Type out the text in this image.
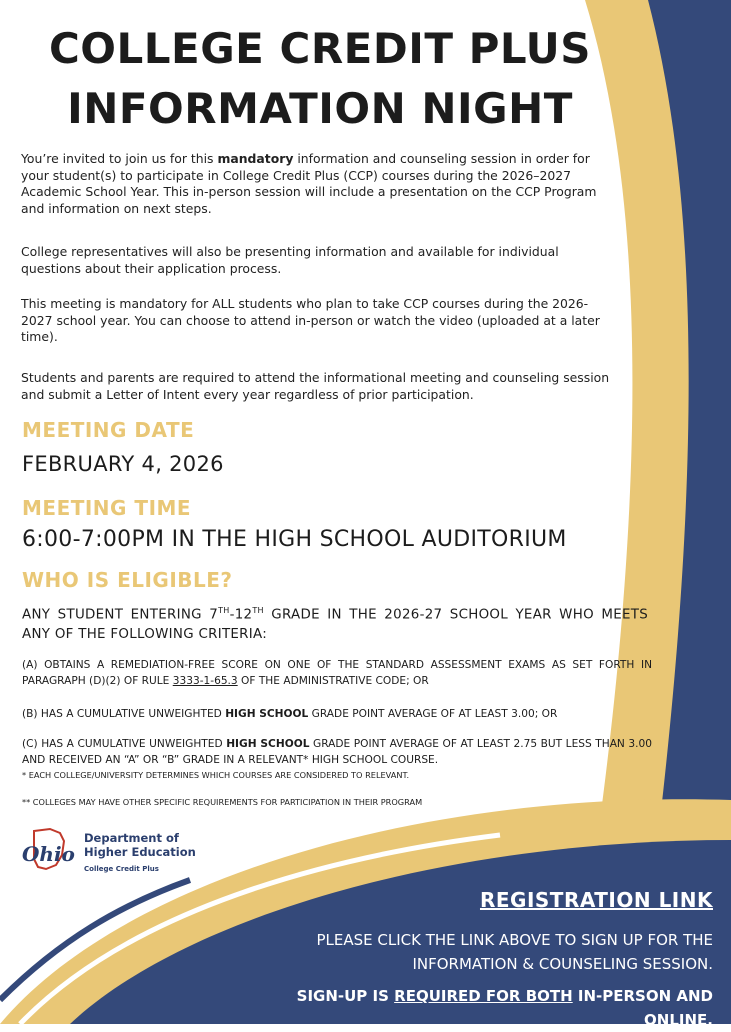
COLLEGE CREDIT PLUS
INFORMATION NIGHT

You’re invited to join us for this mandatory information and counseling session in order for your student(s) to participate in College Credit Plus (CCP) courses during the 2026–2027 Academic School Year. This in-person session will include a presentation on the CCP Program and information on next steps.

College representatives will also be presenting information and available for individual questions about their application process.

This meeting is mandatory for ALL students who plan to take CCP courses during the 2026-2027 school year. You can choose to attend in-person or watch the video (uploaded at a later time).

Students and parents are required to attend the informational meeting and counseling session and submit a Letter of Intent every year regardless of prior participation.

MEETING DATE
FEBRUARY 4, 2026
MEETING TIME
6:00-7:00PM IN THE HIGH SCHOOL AUDITORIUM
WHO IS ELIGIBLE?
ANY STUDENT ENTERING 7TH-12TH GRADE IN THE 2026-27 SCHOOL YEAR WHO MEETS ANY OF THE FOLLOWING CRITERIA:
(A) OBTAINS A REMEDIATION-FREE SCORE ON ONE OF THE STANDARD ASSESSMENT EXAMS AS SET FORTH IN PARAGRAPH (D)(2) OF RULE 3333-1-65.3 OF THE ADMINISTRATIVE CODE; OR
(B) HAS A CUMULATIVE UNWEIGHTED HIGH SCHOOL GRADE POINT AVERAGE OF AT LEAST 3.00; OR
(C) HAS A CUMULATIVE UNWEIGHTED HIGH SCHOOL GRADE POINT AVERAGE OF AT LEAST 2.75 BUT LESS THAN 3.00 AND RECEIVED AN “A” OR “B” GRADE IN A RELEVANT* HIGH SCHOOL COURSE.
* EACH COLLEGE/UNIVERSITY DETERMINES WHICH COURSES ARE CONSIDERED TO RELEVANT.
** COLLEGES MAY HAVE OTHER SPECIFIC REQUIREMENTS FOR PARTICIPATION IN THEIR PROGRAM
Ohio
Department of
Higher Education
College Credit Plus
REGISTRATION LINK
PLEASE CLICK THE LINK ABOVE TO SIGN UP FOR THE INFORMATION & COUNSELING SESSION.
SIGN-UP IS REQUIRED FOR BOTH IN-PERSON AND ONLINE.
